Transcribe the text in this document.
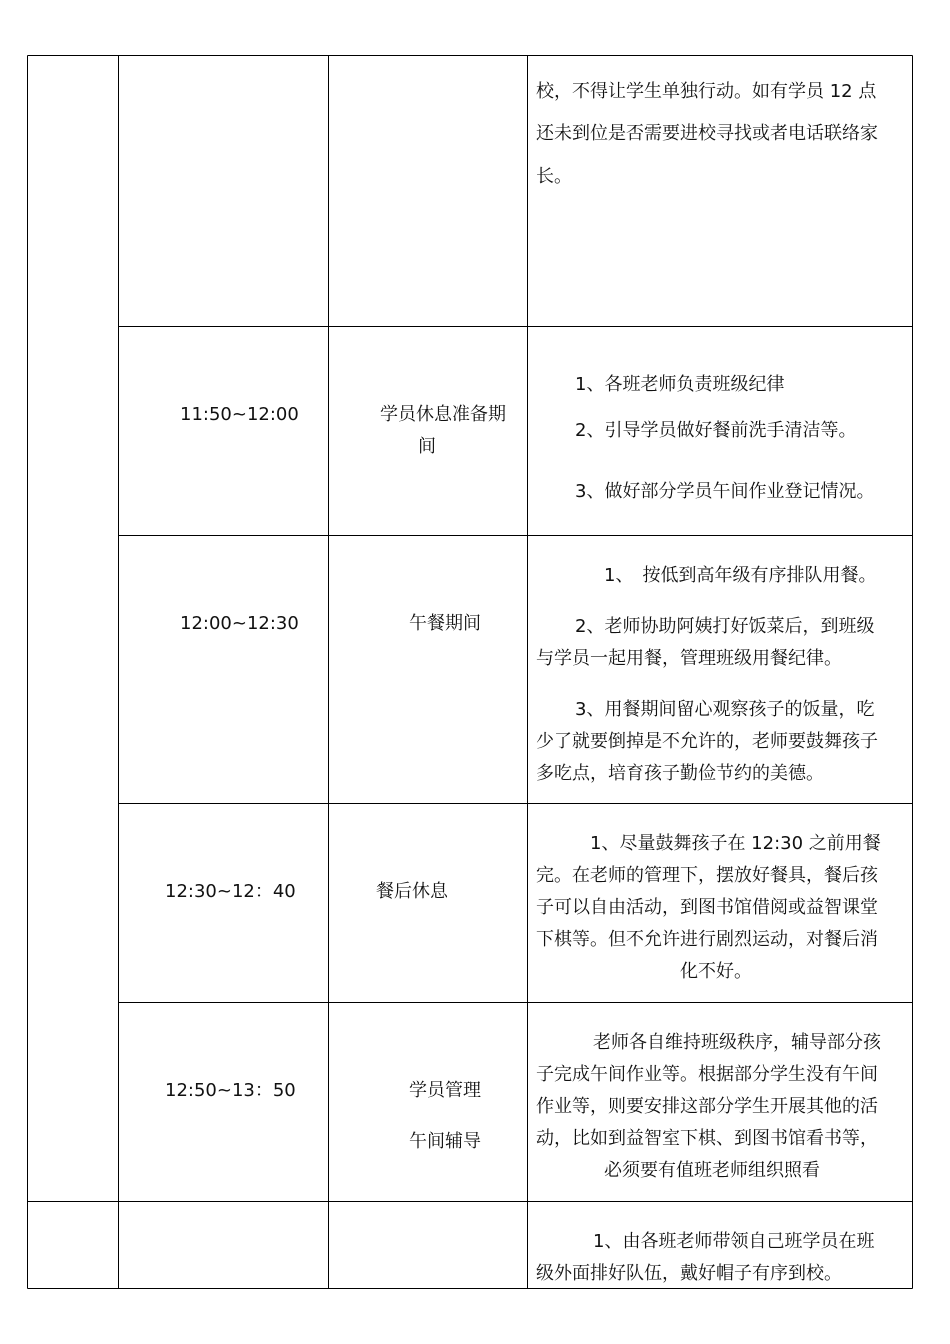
校，不得让学生单独行动。如有学员 12 点
还未到位是否需要进校寻找或者电话联络家
长。
11:50~12:00	学员休息准备期
间
1、各班老师负责班级纪律
2、引导学员做好餐前洗手清洁等。
3、做好部分学员午间作业登记情况。
12:00~12:30	午餐期间
1、　按低到高年级有序排队用餐。
2、老师协助阿姨打好饭菜后，到班级
与学员一起用餐，管理班级用餐纪律。
3、用餐期间留心观察孩子的饭量，吃
少了就要倒掉是不允许的，老师要鼓舞孩子
多吃点，培育孩子勤俭节约的美德。
12:30~12：40	餐后休息
1、尽量鼓舞孩子在 12:30 之前用餐
完。在老师的管理下，摆放好餐具，餐后孩
子可以自由活动，到图书馆借阅或益智课堂
下棋等。但不允许进行剧烈运动，对餐后消
化不好。
12:50~13：50	学员管理
午间辅导
老师各自维持班级秩序，辅导部分孩
子完成午间作业等。根据部分学生没有午间
作业等，则要安排这部分学生开展其他的活
动，比如到益智室下棋、到图书馆看书等，
必须要有值班老师组织照看
1、由各班老师带领自己班学员在班
级外面排好队伍，戴好帽子有序到校。
